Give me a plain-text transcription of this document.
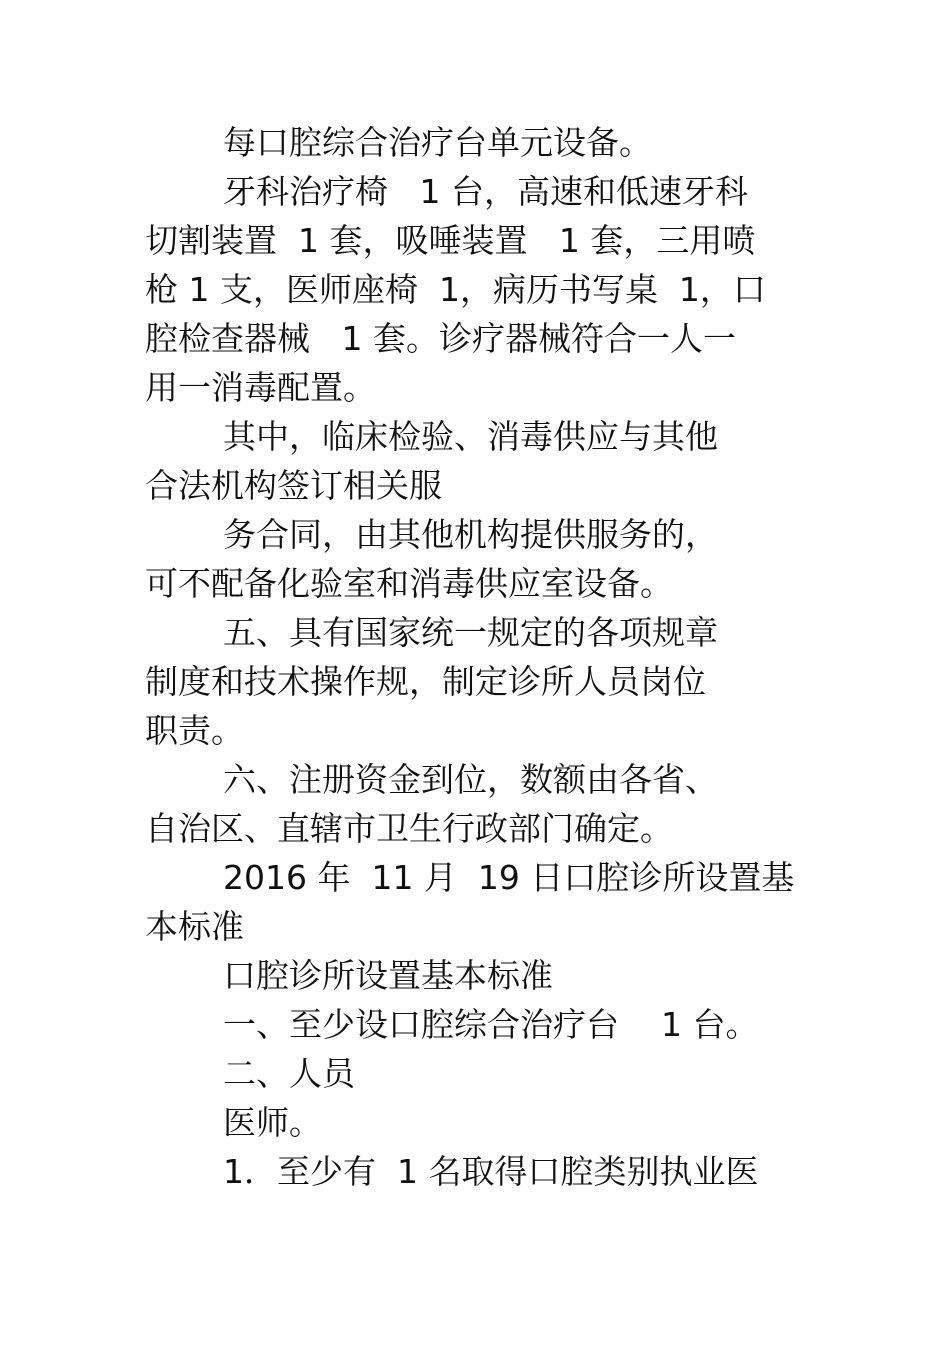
每口腔综合治疗台单元设备。
牙科治疗椅   1 台，高速和低速牙科
切割装置  1 套，吸唾装置   1 套，三用喷
枪 1 支，医师座椅  1，病历书写桌  1，口
腔检查器械   1 套。诊疗器械符合一人一
用一消毒配置。
其中，临床检验、消毒供应与其他
合法机构签订相关服
务合同，由其他机构提供服务的，
可不配备化验室和消毒供应室设备。
五、具有国家统一规定的各项规章
制度和技术操作规，制定诊所人员岗位
职责。
六、注册资金到位，数额由各省、
自治区、直辖市卫生行政部门确定。
2016 年  11 月  19 日口腔诊所设置基
本标准
口腔诊所设置基本标准
一、至少设口腔综合治疗台    1 台。
二、人员
医师。
1．至少有  1 名取得口腔类别执业医
